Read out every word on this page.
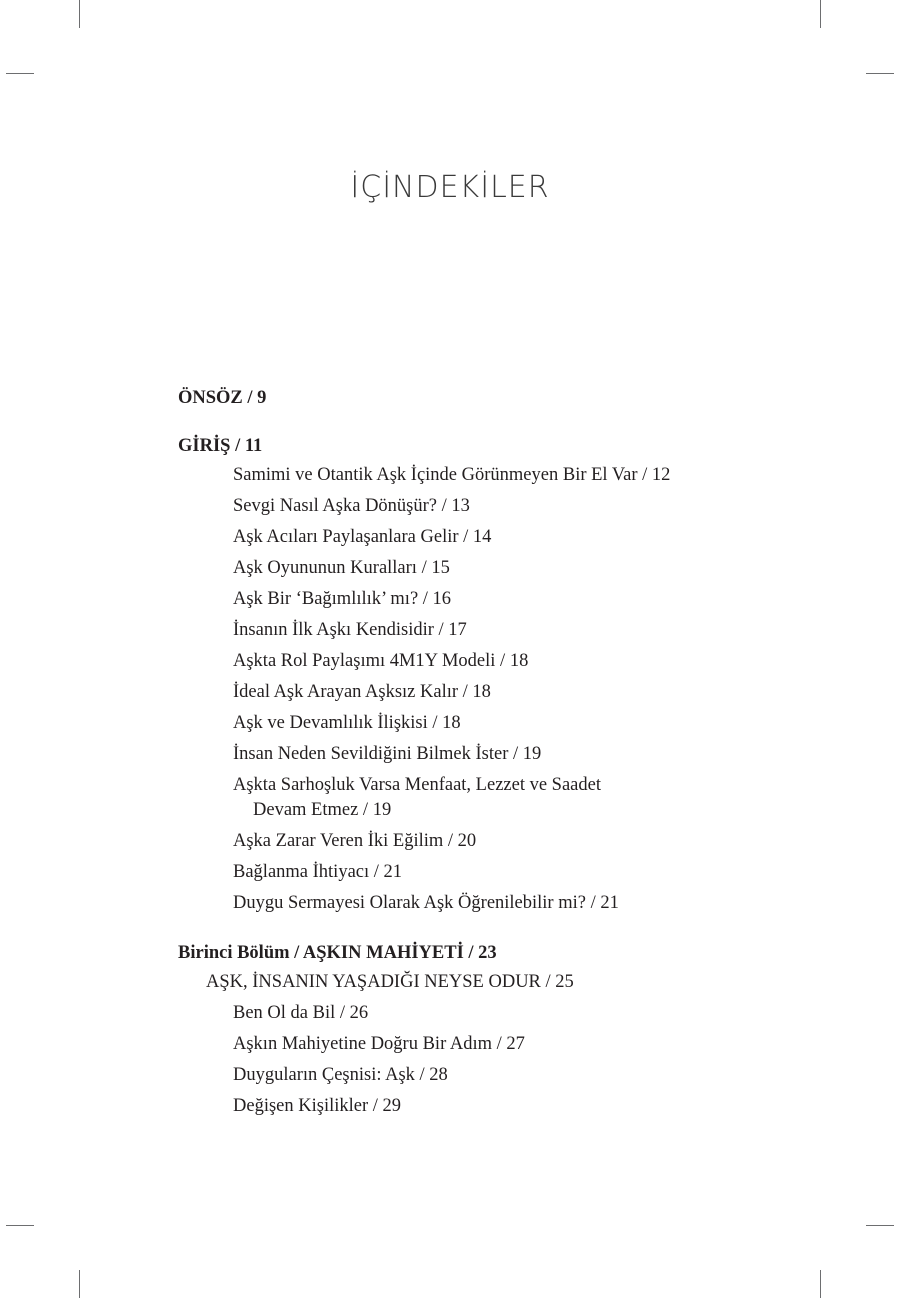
İÇİNDEKİLER

ÖNSÖZ / 9

GİRİŞ / 11

Samimi ve Otantik Aşk İçinde Görünmeyen Bir El Var / 12

Sevgi Nasıl Aşka Dönüşür? / 13

Aşk Acıları Paylaşanlara Gelir / 14

Aşk Oyununun Kuralları / 15

Aşk Bir ‘Bağımlılık’ mı? / 16

İnsanın İlk Aşkı Kendisidir / 17

Aşkta Rol Paylaşımı 4M1Y Modeli / 18

İdeal Aşk Arayan Aşksız Kalır / 18

Aşk ve Devamlılık İlişkisi / 18

İnsan Neden Sevildiğini Bilmek İster / 19

Aşkta Sarhoşluk Varsa Menfaat, Lezzet ve Saadet
Devam Etmez / 19

Aşka Zarar Veren İki Eğilim / 20

Bağlanma İhtiyacı / 21

Duygu Sermayesi Olarak Aşk Öğrenilebilir mi? / 21

Birinci Bölüm / AŞKIN MAHİYETİ / 23

AŞK, İNSANIN YAŞADIĞI NEYSE ODUR / 25

Ben Ol da Bil / 26

Aşkın Mahiyetine Doğru Bir Adım / 27

Duyguların Çeşnisi: Aşk / 28

Değişen Kişilikler / 29
